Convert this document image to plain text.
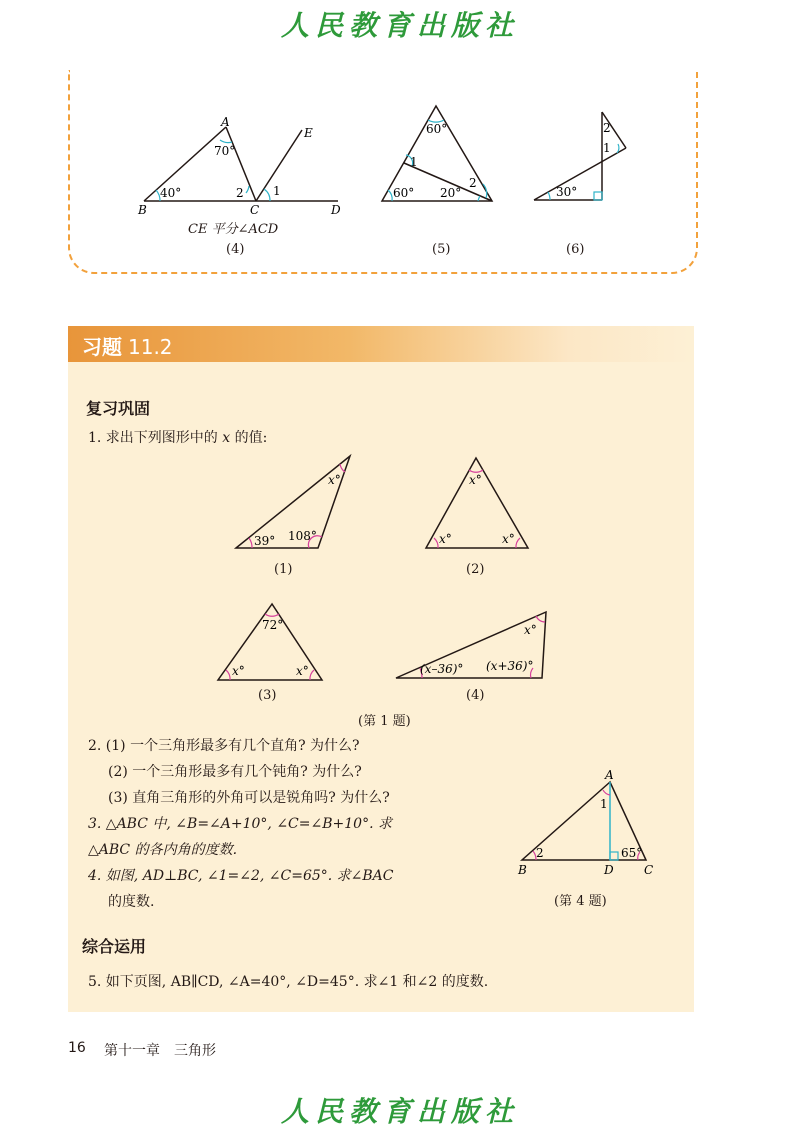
人民教育出版社
A
B	C	D
E
70°
40°	2 1
CE 平分∠ACD
(4)
60°
60° 20°
1
2
(5)
30°
2
1
(6)
习题 11.2
复习巩固
1. 求出下列图形中的 x 的值:
x°
39° 108°
(1)
x°
x°	x°
(2)
72°
x°	x°
(3)
x°
(x–36)° (x+36)°
(4)
(第 1 题)
2. (1) 一个三角形最多有几个直角? 为什么?
(2) 一个三角形最多有几个钝角? 为什么?
(3) 直角三角形的外角可以是锐角吗? 为什么?
3. △ABC 中, ∠B=∠A+10°, ∠C=∠B+10°. 求
△ABC 的各内角的度数.
4. 如图, AD⊥BC, ∠1=∠2, ∠C=65°. 求∠BAC
的度数.
A
B	D	C
1
2	65°
(第 4 题)
综合运用
5. 如下页图, AB∥CD, ∠A=40°, ∠D=45°. 求∠1 和∠2 的度数.
16 第十一章　三角形
人民教育出版社
